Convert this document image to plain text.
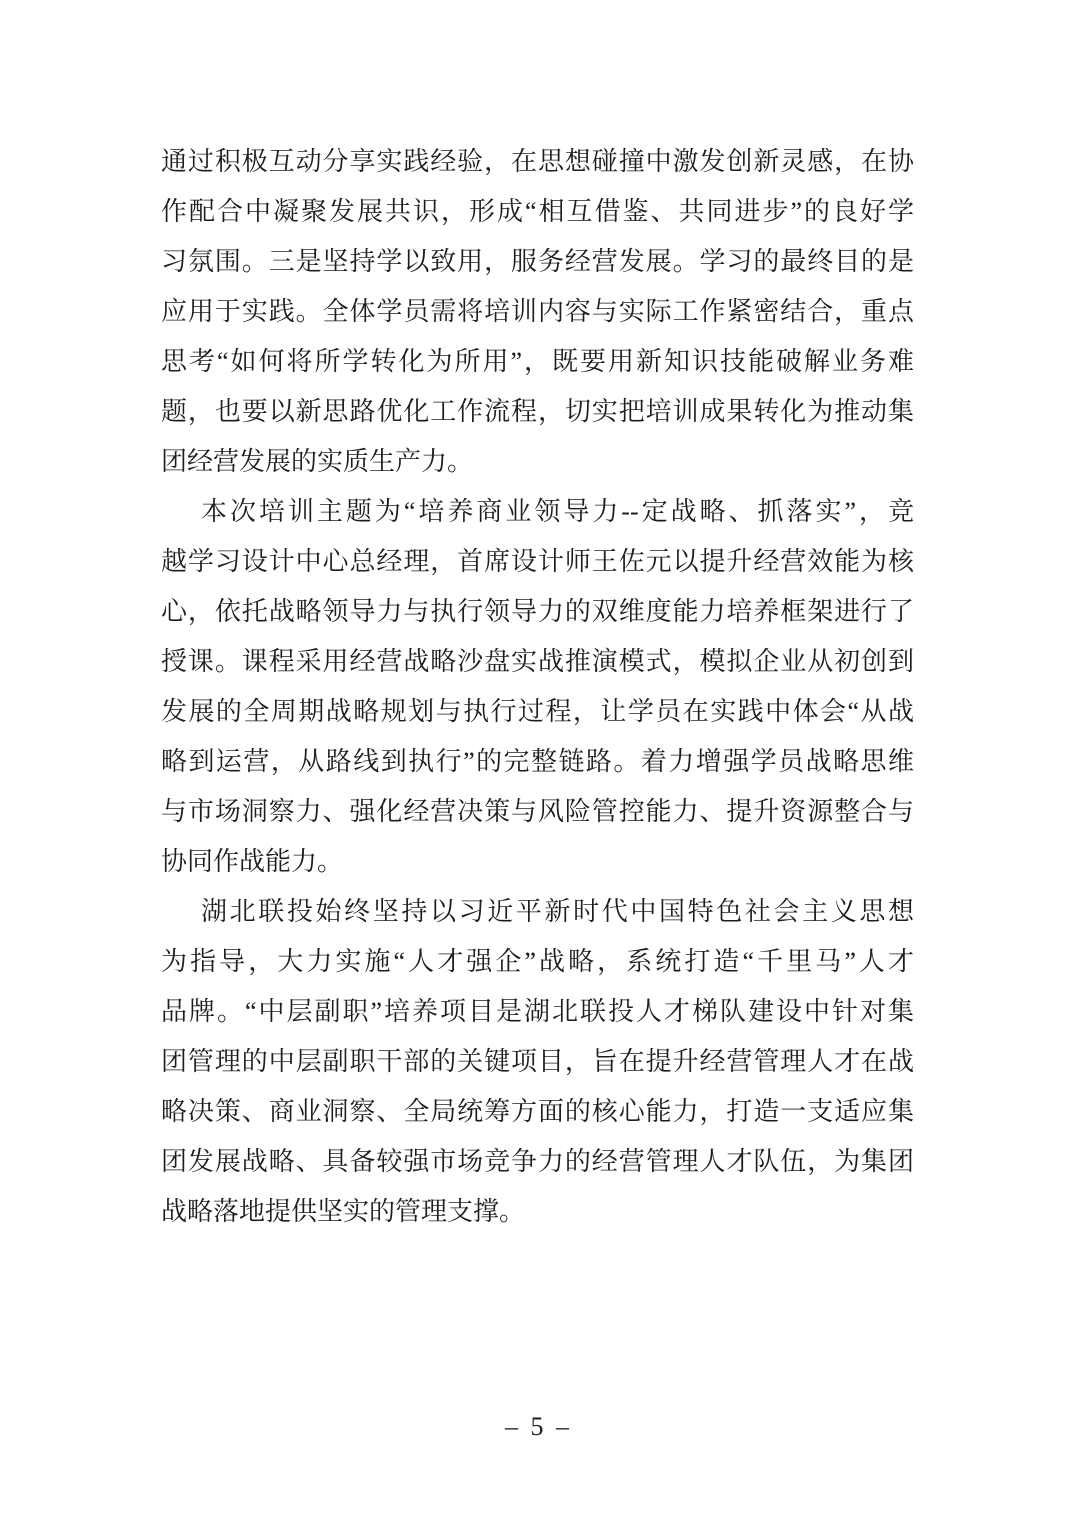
通过积极互动分享实践经验，在思想碰撞中激发创新灵感，在协
作配合中凝聚发展共识，形成“相互借鉴、共同进步”的良好学
习氛围。三是坚持学以致用，服务经营发展。学习的最终目的是
应用于实践。全体学员需将培训内容与实际工作紧密结合，重点
思考“如何将所学转化为所用”，既要用新知识技能破解业务难
题，也要以新思路优化工作流程，切实把培训成果转化为推动集
团经营发展的实质生产力。
本次培训主题为“培养商业领导力--定战略、抓落实”，竞
越学习设计中心总经理，首席设计师王佐元以提升经营效能为核
心，依托战略领导力与执行领导力的双维度能力培养框架进行了
授课。课程采用经营战略沙盘实战推演模式，模拟企业从初创到
发展的全周期战略规划与执行过程，让学员在实践中体会“从战
略到运营，从路线到执行”的完整链路。着力增强学员战略思维
与市场洞察力、强化经营决策与风险管控能力、提升资源整合与
协同作战能力。
湖北联投始终坚持以习近平新时代中国特色社会主义思想
为指导，大力实施“人才强企”战略，系统打造“千里马”人才
品牌。“中层副职”培养项目是湖北联投人才梯队建设中针对集
团管理的中层副职干部的关键项目，旨在提升经营管理人才在战
略决策、商业洞察、全局统筹方面的核心能力，打造一支适应集
团发展战略、具备较强市场竞争力的经营管理人才队伍，为集团
战略落地提供坚实的管理支撑。
– 5 –
